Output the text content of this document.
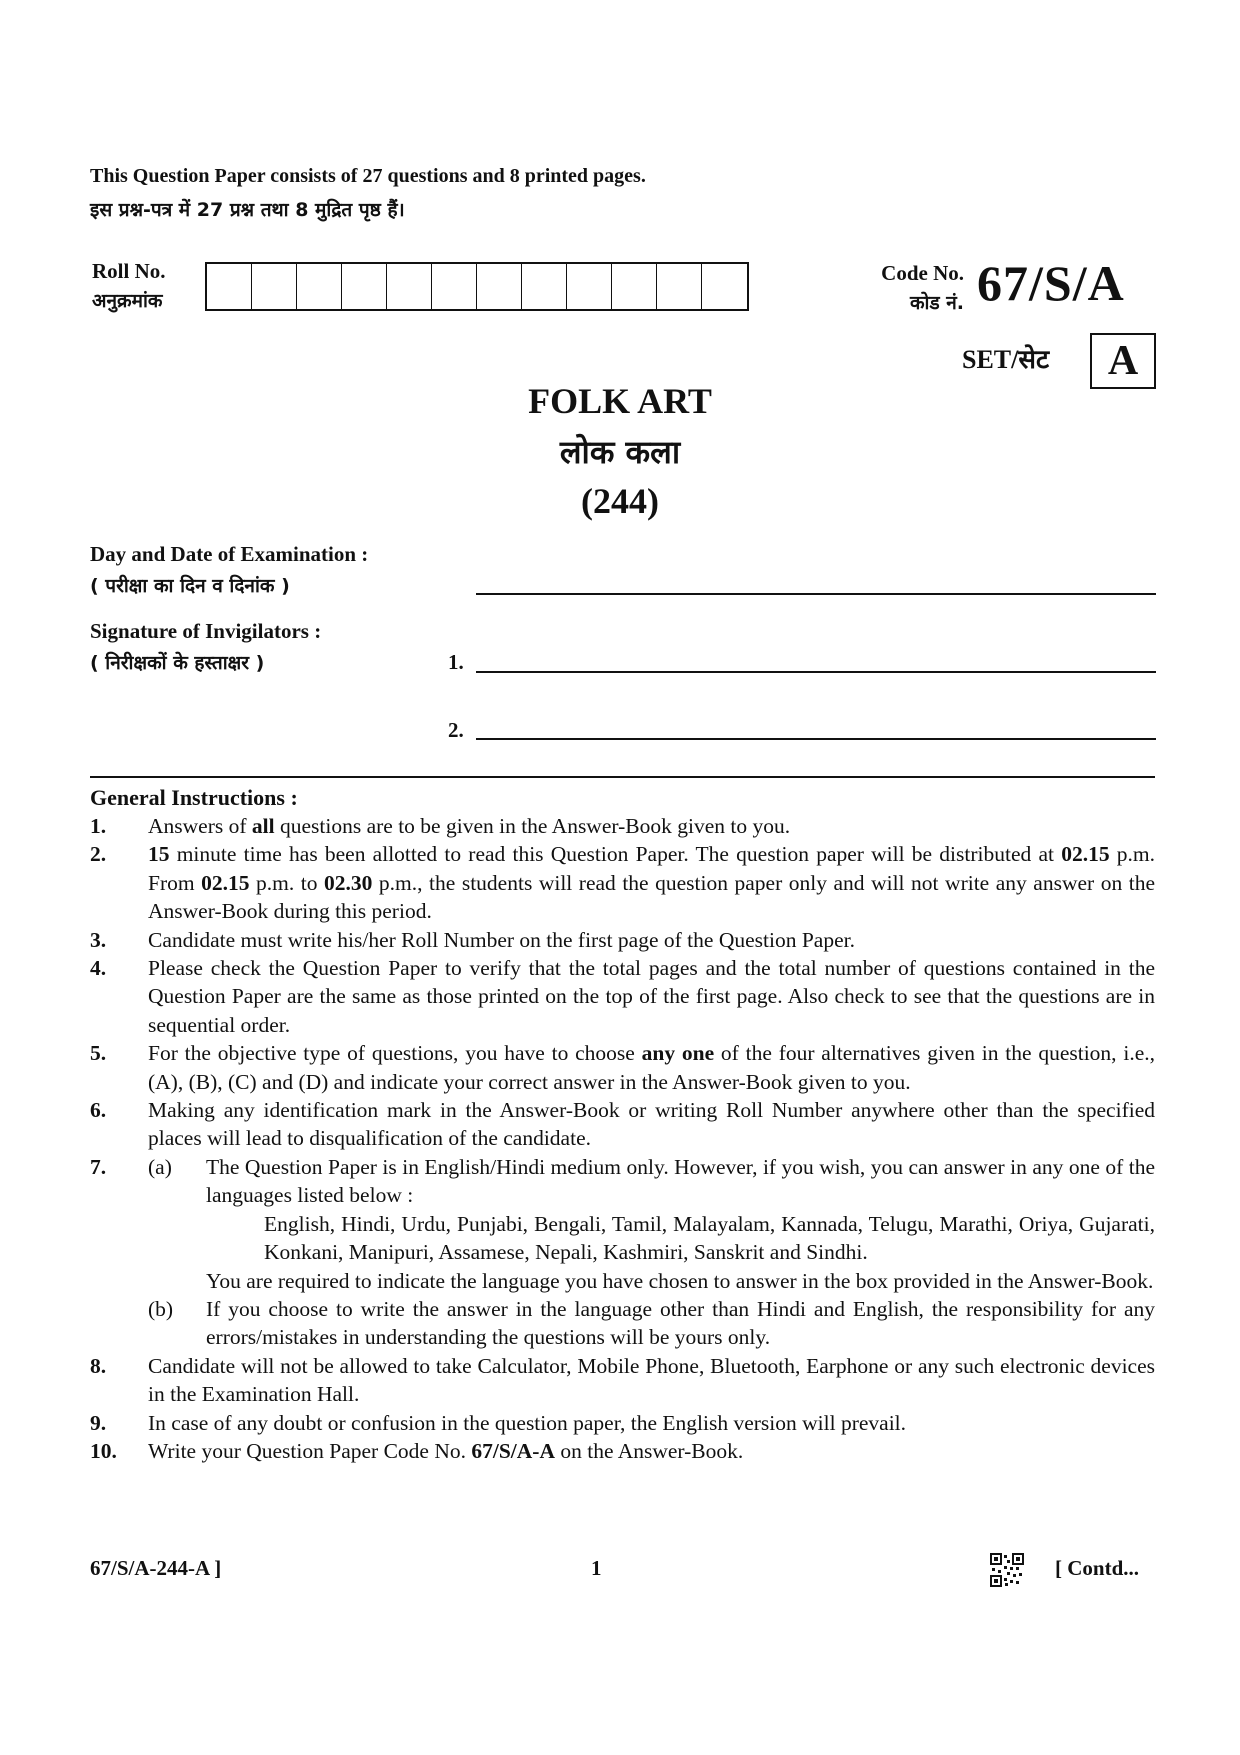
This Question Paper consists of 27 questions and 8 printed pages.
इस प्रश्न-पत्र में 27 प्रश्न तथा 8 मुद्रित पृष्ठ हैं।
Roll No.
अनुक्रमांक
Code No.
कोड नं. 67/S/A
SET/सेट	A
FOLK ART
लोक कला
(244)
Day and Date of Examination :
( परीक्षा का दिन व दिनांक )
Signature of Invigilators :
( निरीक्षकों के हस्ताक्षर )	1.
2.
General Instructions :
1.	Answers of all questions are to be given in the Answer-Book given to you.
2.	15 minute time has been allotted to read this Question Paper. The question paper will be distributed at 02.15 p.m. From 02.15 p.m. to 02.30 p.m., the students will read the question paper only and will not write any answer on the Answer-Book during this period.
3.	Candidate must write his/her Roll Number on the first page of the Question Paper.
4.	Please check the Question Paper to verify that the total pages and the total number of questions contained in the Question Paper are the same as those printed on the top of the first page. Also check to see that the questions are in sequential order.
5.	For the objective type of questions, you have to choose any one of the four alternatives given in the question, i.e., (A), (B), (C) and (D) and indicate your correct answer in the Answer-Book given to you.
6.	Making any identification mark in the Answer-Book or writing Roll Number anywhere other than the specified places will lead to disqualification of the candidate.
7.	(a)	The Question Paper is in English/Hindi medium only. However, if you wish, you can answer in any one of the languages listed below :
English, Hindi, Urdu, Punjabi, Bengali, Tamil, Malayalam, Kannada, Telugu, Marathi, Oriya, Gujarati, Konkani, Manipuri, Assamese, Nepali, Kashmiri, Sanskrit and Sindhi.
You are required to indicate the language you have chosen to answer in the box provided in the Answer-Book.
(b)	If you choose to write the answer in the language other than Hindi and English, the responsibility for any errors/mistakes in understanding the questions will be yours only.
8.	Candidate will not be allowed to take Calculator, Mobile Phone, Bluetooth, Earphone or any such electronic devices in the Examination Hall.
9.	In case of any doubt or confusion in the question paper, the English version will prevail.
10.	Write your Question Paper Code No. 67/S/A-A on the Answer-Book.
67/S/A-244-A ]	1	[ Contd...
